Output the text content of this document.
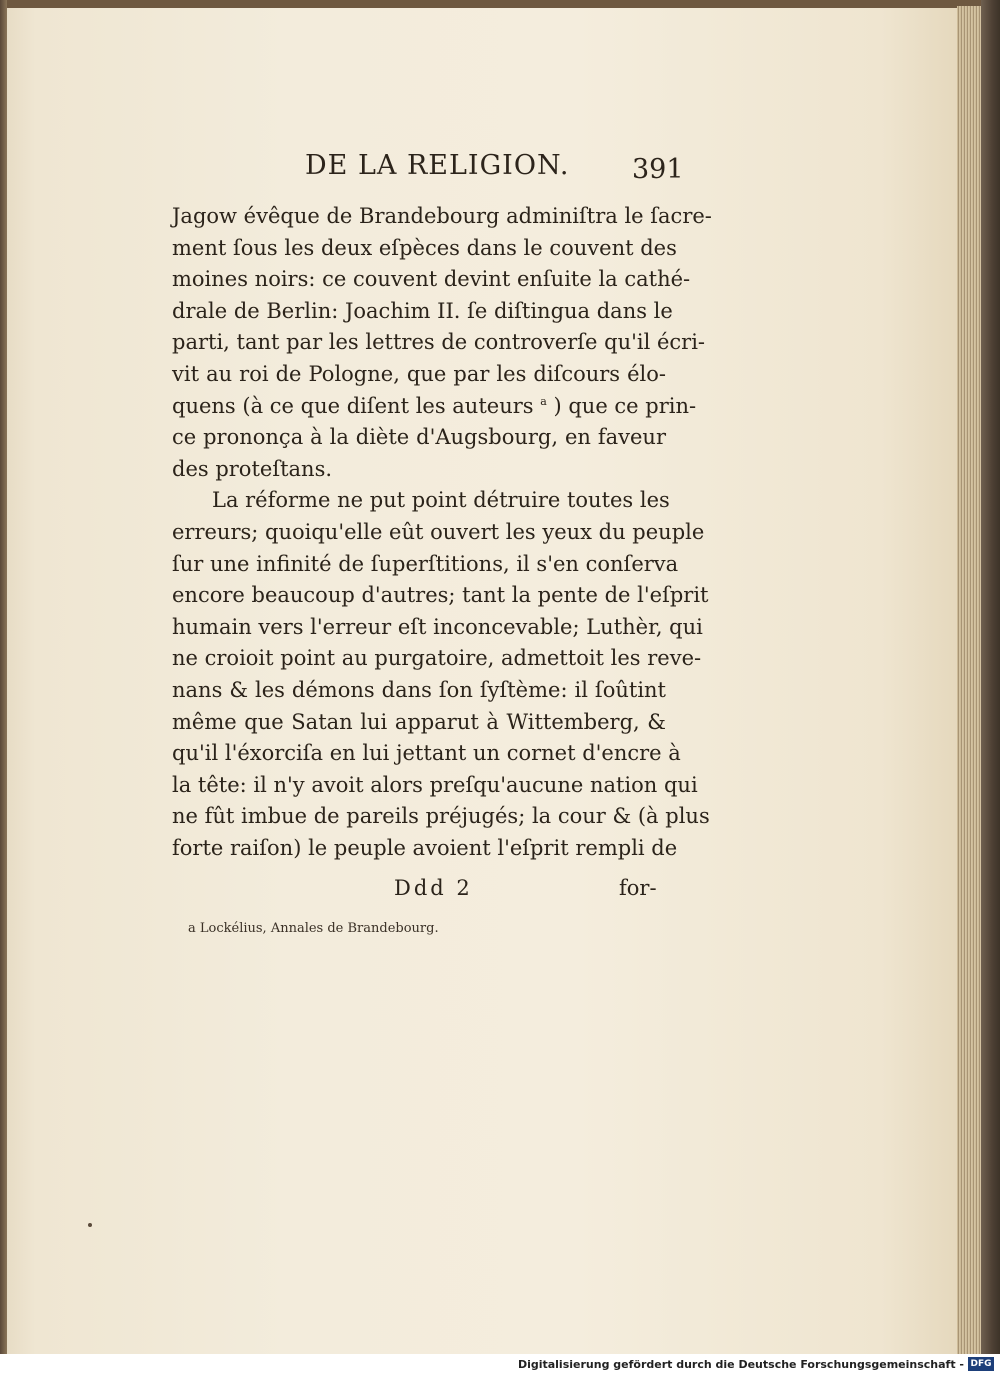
DE LA RELIGION. 391
Jagow évêque de Brandebourg adminiſtra le ſacre-
ment ſous les deux eſpèces dans le couvent des
moines noirs: ce couvent devint enſuite la cathé-
drale de Berlin: Joachim II. ſe diſtingua dans le
parti, tant par les lettres de controverſe qu'il écri-
vit au roi de Pologne, que par les diſcours élo-
quens (à ce que diſent les auteurs $^a$ ) que ce prin-
ce prononça à la diète d'Augsbourg, en faveur
des proteſtans.
La réforme ne put point détruire toutes les
erreurs; quoiqu'elle eût ouvert les yeux du peuple
ſur une infinité de ſuperſtitions, il s'en conſerva
encore beaucoup d'autres; tant la pente de l'eſprit
humain vers l'erreur eſt inconcevable; Luthèr, qui
ne croioit point au purgatoire, admettoit les reve-
nans & les démons dans ſon ſyſtème: il ſoûtint
même que Satan lui apparut à Wittemberg, &
qu'il l'éxorciſa en lui jettant un cornet d'encre à
la tête: il n'y avoit alors preſqu'aucune nation qui
ne fût imbue de pareils préjugés; la cour & (à plus
forte raiſon) le peuple avoient l'eſprit rempli de
Ddd 2	for-
a Lockélius, Annales de Brandebourg.
Digitalisierung gefördert durch die Deutsche Forschungsgemeinschaft - DFG
